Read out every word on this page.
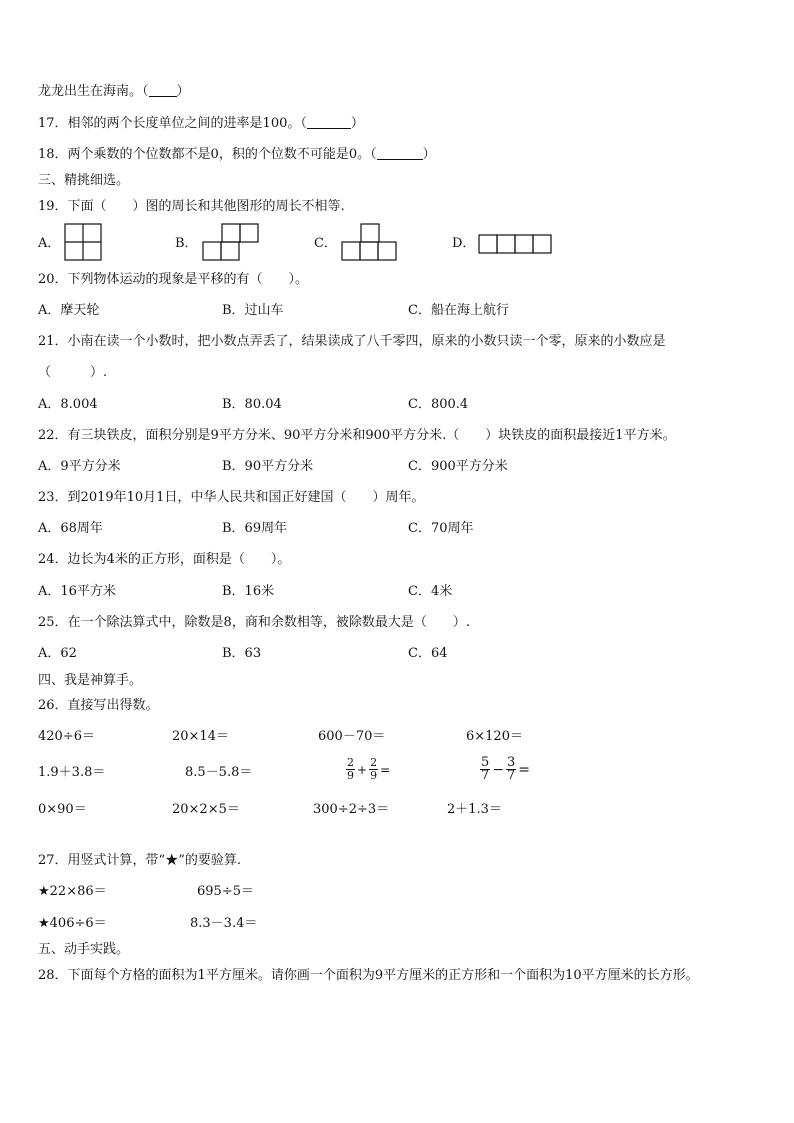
龙龙出生在海南。（ ）
17．相邻的两个长度单位之间的进率是100。（	）
18．两个乘数的个位数都不是0，积的个位数不可能是0。（	）
三、精挑细选。
19．下面（　　）图的周长和其他图形的周长不相等.
A．	B．	C．	D．
20．下列物体运动的现象是平移的有（　　）。
A．摩天轮	B．过山车	C．船在海上航行
21．小南在读一个小数时，把小数点弄丢了，结果读成了八千零四，原来的小数只读一个零，原来的小数应是
（　　　）.
A．8.004	B．80.04	C．800.4
22．有三块铁皮，面积分别是9平方分米、90平方分米和900平方分米.（　　）块铁皮的面积最接近1平方米。
A．9平方分米	B．90平方分米	C．900平方分米
23．到2019年10月1日，中华人民共和国正好建国（　　）周年。
A．68周年	B．69周年	C．70周年
24．边长为4米的正方形，面积是（　　）。
A．16平方米	B．16米	C．4米
25．在一个除法算式中，除数是8，商和余数相等，被除数最大是（　　）.
A．62	B．63	C．64
四、我是神算手。
26．直接写出得数。
420÷6＝	20×14＝	600－70＝	6×120＝
1.9＋3.8＝	8.5－5.8＝	$\frac{2}{9} + \frac{2}{9}$ =	$\frac{5}{7} - \frac{3}{7}$ =
0×90＝	20×2×5＝	300÷2÷3＝	2＋1.3＝
27．用竖式计算，带“★”的要验算.
★22×86＝	695÷5＝
★406÷6＝	8.3－3.4＝
五、动手实践。
28．下面每个方格的面积为1平方厘米。请你画一个面积为9平方厘米的正方形和一个面积为10平方厘米的长方形。
